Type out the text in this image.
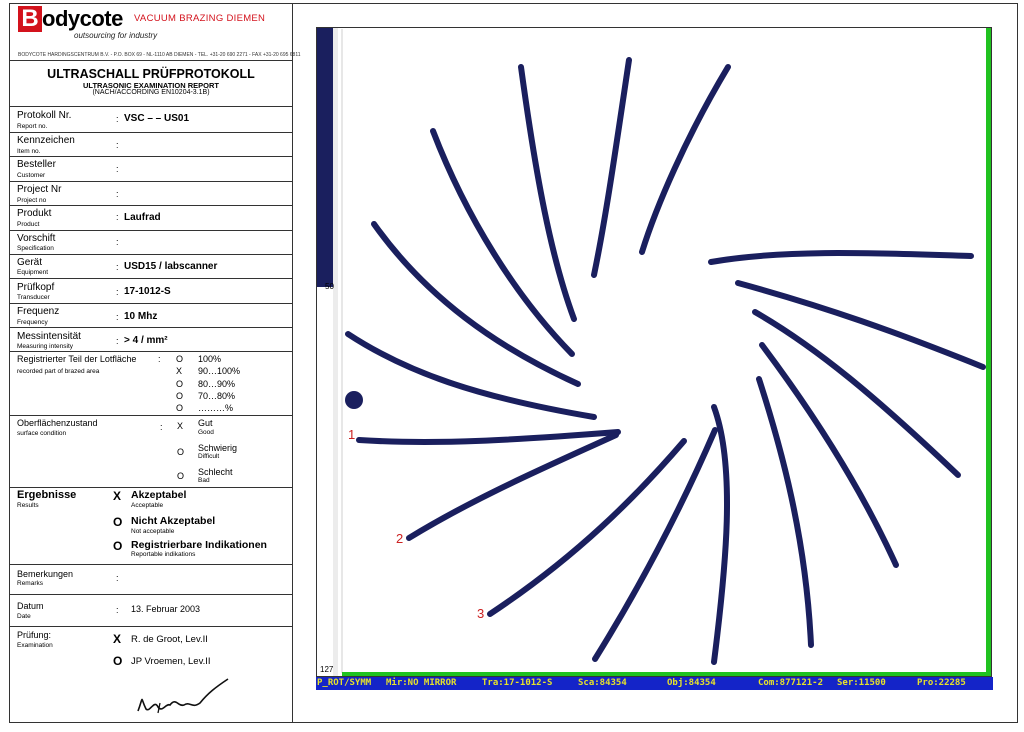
B odycote VACUUM BRAZING DIEMEN
outsourcing for industry
BODYCOTE HARDINGSCENTRUM B.V. - P.O. BOX 69 - NL-1110 AB DIEMEN - TEL. +31-20 690 2271 - FAX +31-20 695 6811
ULTRASCHALL PRÜFPROTOKOLL
ULTRASONIC EXAMINATION REPORT
(NACH/ACCORDING EN10204-3.1B)
Protokoll Nr.
Report no.
: VSC – – US01
Kennzeichen
Item no.
:
Besteller
Customer
:
Project Nr
Project no
:
Produkt
Product
: Laufrad
Vorschift
Specification
:
Gerät
Equipment
: USD15 / labscanner
Prüfkopf
Transducer
: 17-1012-S
Frequenz
Frequency
: 10 Mhz
Messintensität
Measuring intensity
: > 4 / mm²
Registrierter Teil der Lotfläche
recorded part of brazed area
: O 100%
X 90…100%
O 80…90%
O 70…80%
O ………%
Oberflächenzustand
surface condition
: X Gut
Good
O Schwierig
Difficult
O Schlecht
Bad
Ergebnisse
Results
X Akzeptabel
Acceptable
O Nicht Akzeptabel
Not acceptable
O Registrierbare Indikationen
Reportable indikations
Bemerkungen
Remarks
:
Datum
Date
: 13. Februar 2003
Prüfung:
Examination	X R. de Groot, Lev.II
O JP Vroemen, Lev.II
50
127
1
2
3
P_ROT/SYMM Mir:NO MIRROR	Tra:17-1012-S	Sca:84354	Obj:84354	Com:877121-2 Ser:11500	Pro:22285
